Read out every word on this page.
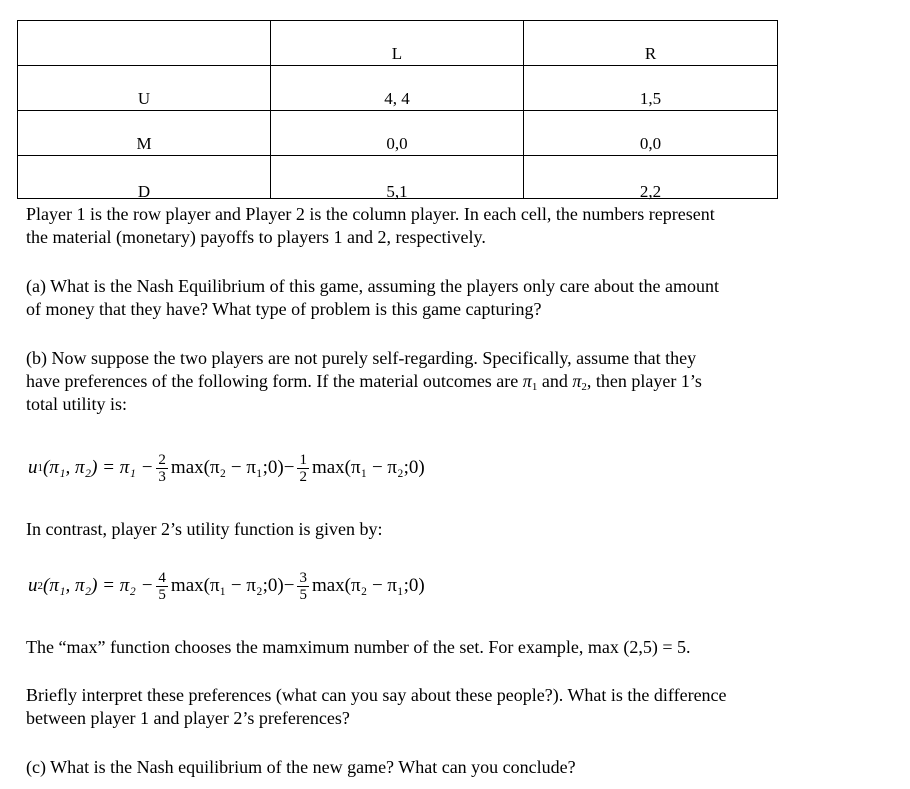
	L	R
U	4, 4	1,5
M	0,0	0,0
D	5,1	2,2

Player 1 is the row player and Player 2 is the column player. In each cell, the numbers represent
the material (monetary) payoffs to players 1 and 2, respectively.

(a) What is the Nash Equilibrium of this game, assuming the players only care about the amount
of money that they have? What type of problem is this game capturing?

(b) Now suppose the two players are not purely self-regarding. Specifically, assume that they
have preferences of the following form. If the material outcomes are $\pi_1$ and $\pi_2$, then player 1’s
total utility is:

u 1 (π₁, $\pi_2) = \pi_1 - \frac{2}{3} \max(\pi_2$ − π₁;0)− $\frac{1}{2} \max(\pi_1$ − π₂;0)

In contrast, player 2’s utility function is given by:

u 2 (π₁, $\pi_2) = \pi_2 - \frac{4}{5} \max(\pi_1$ − π₂;0)− $\frac{3}{5} \max(\pi_2$ − π₁;0)

The “max” function chooses the mamximum number of the set. For example, max (2,5) = 5.

Briefly interpret these preferences (what can you say about these people?). What is the difference
between player 1 and player 2’s preferences?

(c) What is the Nash equilibrium of the new game? What can you conclude?
